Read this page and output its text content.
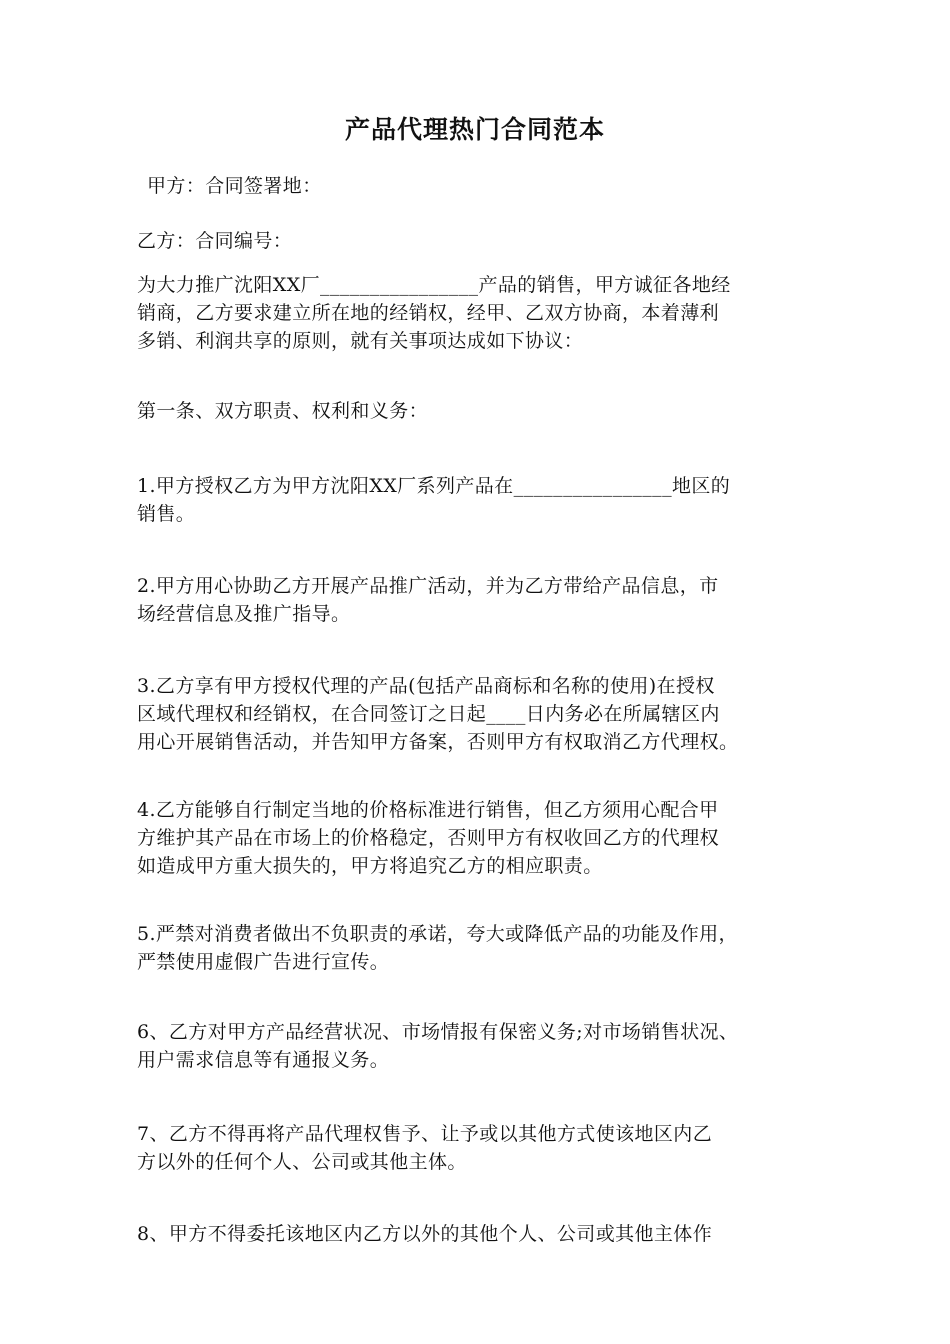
产品代理热门合同范本
甲方：合同签署地：
乙方：合同编号：
为大力推广沈阳XX厂________________产品的销售，甲方诚征各地经
销商，乙方要求建立所在地的经销权，经甲、乙双方协商，本着薄利
多销、利润共享的原则，就有关事项达成如下协议：
第一条、双方职责、权利和义务：
1.甲方授权乙方为甲方沈阳XX厂系列产品在________________地区的
销售。
2.甲方用心协助乙方开展产品推广活动，并为乙方带给产品信息，市
场经营信息及推广指导。
3.乙方享有甲方授权代理的产品(包括产品商标和名称的使用)在授权
区域代理权和经销权，在合同签订之日起____日内务必在所属辖区内
用心开展销售活动，并告知甲方备案，否则甲方有权取消乙方代理权。
4.乙方能够自行制定当地的价格标准进行销售，但乙方须用心配合甲
方维护其产品在市场上的价格稳定，否则甲方有权收回乙方的代理权
如造成甲方重大损失的，甲方将追究乙方的相应职责。
5.严禁对消费者做出不负职责的承诺，夸大或降低产品的功能及作用，
严禁使用虚假广告进行宣传。
6、乙方对甲方产品经营状况、市场情报有保密义务;对市场销售状况、
用户需求信息等有通报义务。
7、乙方不得再将产品代理权售予、让予或以其他方式使该地区内乙
方以外的任何个人、公司或其他主体。
8、甲方不得委托该地区内乙方以外的其他个人、公司或其他主体作
